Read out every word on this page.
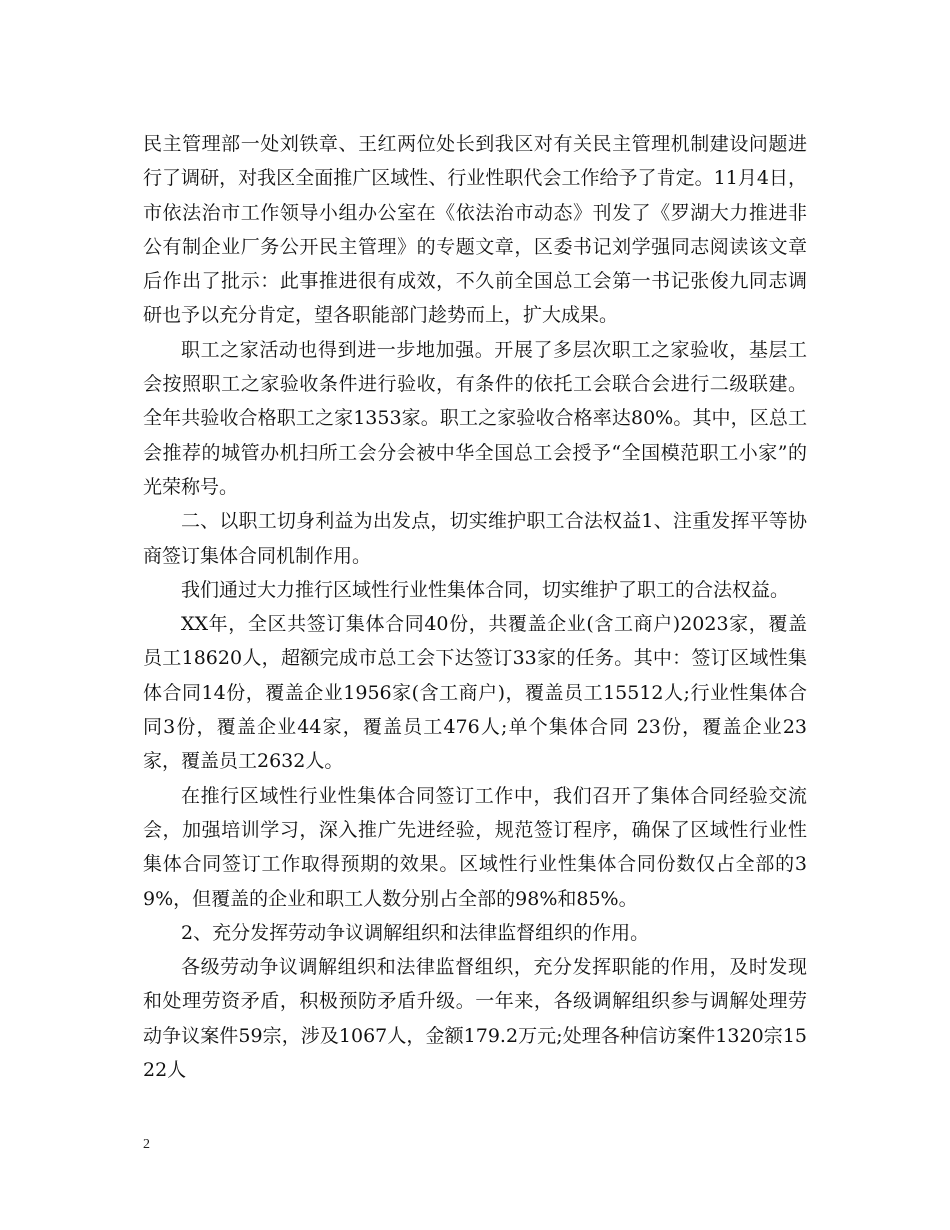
民主管理部一处刘铁章、王红两位处长到我区对有关民主管理机制建设问题进行了调研，对我区全面推广区域性、行业性职代会工作给予了肯定。11月4日，市依法治市工作领导小组办公室在《依法治市动态》刊发了《罗湖大力推进非公有制企业厂务公开民主管理》的专题文章，区委书记刘学强同志阅读该文章后作出了批示：此事推进很有成效，不久前全国总工会第一书记张俊九同志调研也予以充分肯定，望各职能部门趁势而上，扩大成果。

职工之家活动也得到进一步地加强。开展了多层次职工之家验收，基层工会按照职工之家验收条件进行验收，有条件的依托工会联合会进行二级联建。全年共验收合格职工之家1353家。职工之家验收合格率达80%。其中，区总工会推荐的城管办机扫所工会分会被中华全国总工会授予“全国模范职工小家”的光荣称号。

二、以职工切身利益为出发点，切实维护职工合法权益1、注重发挥平等协商签订集体合同机制作用。

我们通过大力推行区域性行业性集体合同，切实维护了职工的合法权益。

XX年，全区共签订集体合同40份，共覆盖企业(含工商户)2023家，覆盖员工18620人，超额完成市总工会下达签订33家的任务。其中：签订区域性集体合同14份，覆盖企业1956家(含工商户)，覆盖员工15512人;行业性集体合同3份，覆盖企业44家，覆盖员工476人;单个集体合同 23份，覆盖企业23家，覆盖员工2632人。

在推行区域性行业性集体合同签订工作中，我们召开了集体合同经验交流会，加强培训学习，深入推广先进经验，规范签订程序，确保了区域性行业性集体合同签订工作取得预期的效果。区域性行业性集体合同份数仅占全部的39%，但覆盖的企业和职工人数分别占全部的98%和85%。

2、充分发挥劳动争议调解组织和法律监督组织的作用。

各级劳动争议调解组织和法律监督组织，充分发挥职能的作用，及时发现和处理劳资矛盾，积极预防矛盾升级。一年来，各级调解组织参与调解处理劳动争议案件59宗，涉及1067人，金额179.2万元;处理各种信访案件1320宗1522人

2
